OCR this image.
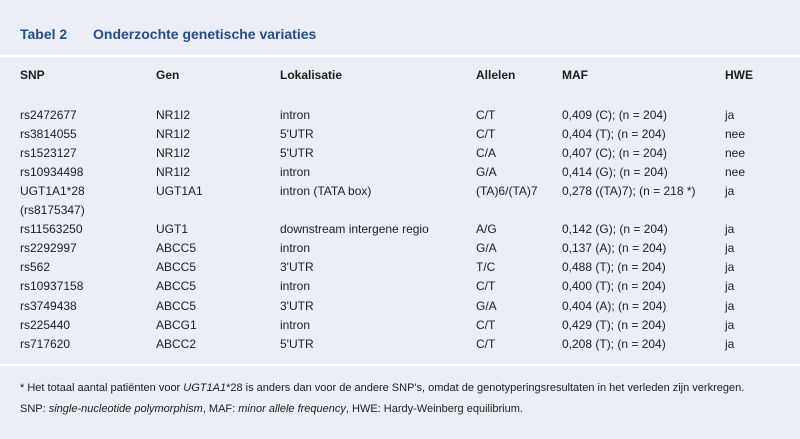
Tabel 2	Onderzochte genetische variaties
SNP	Gen	Lokalisatie	Allelen	MAF	HWE

rs2472677	NR1I2	intron	C/T	0,409 (C); (n = 204)	ja
rs3814055	NR1I2	5'UTR	C/T	0,404 (T); (n = 204)	nee
rs1523127	NR1I2	5'UTR	C/A	0,407 (C); (n = 204)	nee
rs10934498	NR1I2	intron	G/A	0,414 (G); (n = 204)	nee
UGT1A1*28	UGT1A1	intron (TATA box)	(TA)6/(TA)7	0,278 ((TA)7); (n = 218 *)	ja
(rs8175347)					
rs11563250	UGT1	downstream intergene regio	A/G	0,142 (G); (n = 204)	ja
rs2292997	ABCC5	intron	G/A	0,137 (A); (n = 204)	ja
rs562	ABCC5	3'UTR	T/C	0,488 (T); (n = 204)	ja
rs10937158	ABCC5	intron	C/T	0,400 (T); (n = 204)	ja
rs3749438	ABCC5	3'UTR	G/A	0,404 (A); (n = 204)	ja
rs225440	ABCG1	intron	C/T	0,429 (T); (n = 204)	ja
rs717620	ABCC2	5'UTR	C/T	0,208 (T); (n = 204)	ja

* Het totaal aantal patiënten voor UGT1A1*28 is anders dan voor de andere SNP's, omdat de genotyperingsresultaten in het verleden zijn verkregen.

SNP: single-nucleotide polymorphism, MAF: minor allele frequency, HWE: Hardy-Weinberg equilibrium.
